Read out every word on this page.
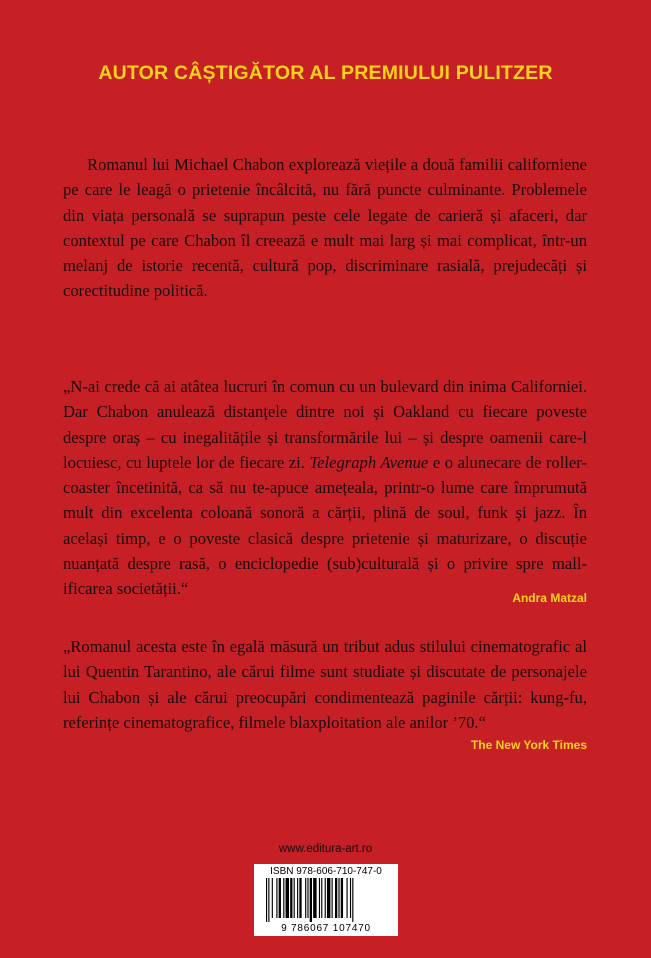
AUTOR CÂȘTIGĂTOR AL PREMIULUI PULITZER

Romanul lui Michael Chabon explorează viețile a două familii californiene pe care le leagă o prietenie încâlcită, nu fără puncte culminante. Problemele din viața personală se suprapun peste cele legate de carieră și afaceri, dar contextul pe care Chabon îl creează e mult mai larg și mai complicat, într-un melanj de istorie recentă, cultură pop, discriminare rasială, prejudecăți și corectitudine politică.

„N-ai crede că ai atâtea lucruri în comun cu un bulevard din inima Californiei. Dar Chabon anulează distanțele dintre noi și Oakland cu fiecare poveste despre oraș – cu inegalitățile și transformările lui – și despre oamenii care-l locuiesc, cu luptele lor de fiecare zi. Telegraph Avenue e o alunecare de roller-coaster încetinită, ca să nu te-apuce amețeala, printr-o lume care împrumută mult din excelenta coloană sonoră a cărții, plină de soul, funk și jazz. În același timp, e o poveste clasică despre prietenie și maturizare, o discuție nuanțată despre rasă, o enciclopedie (sub)culturală și o privire spre mall-ificarea societății.“	Andra Matzal

„Romanul acesta este în egală măsură un tribut adus stilului cinematografic al lui Quentin Tarantino, ale cărui filme sunt studiate și discutate de personajele lui Chabon și ale cărui preocupări condimentează paginile cărții: kung-fu, referințe cinematografice, filmele blaxploitation ale anilor ’70.“

The New York Times
www.editura-art.ro
ISBN 978-606-710-747-0
9 786067 107470
